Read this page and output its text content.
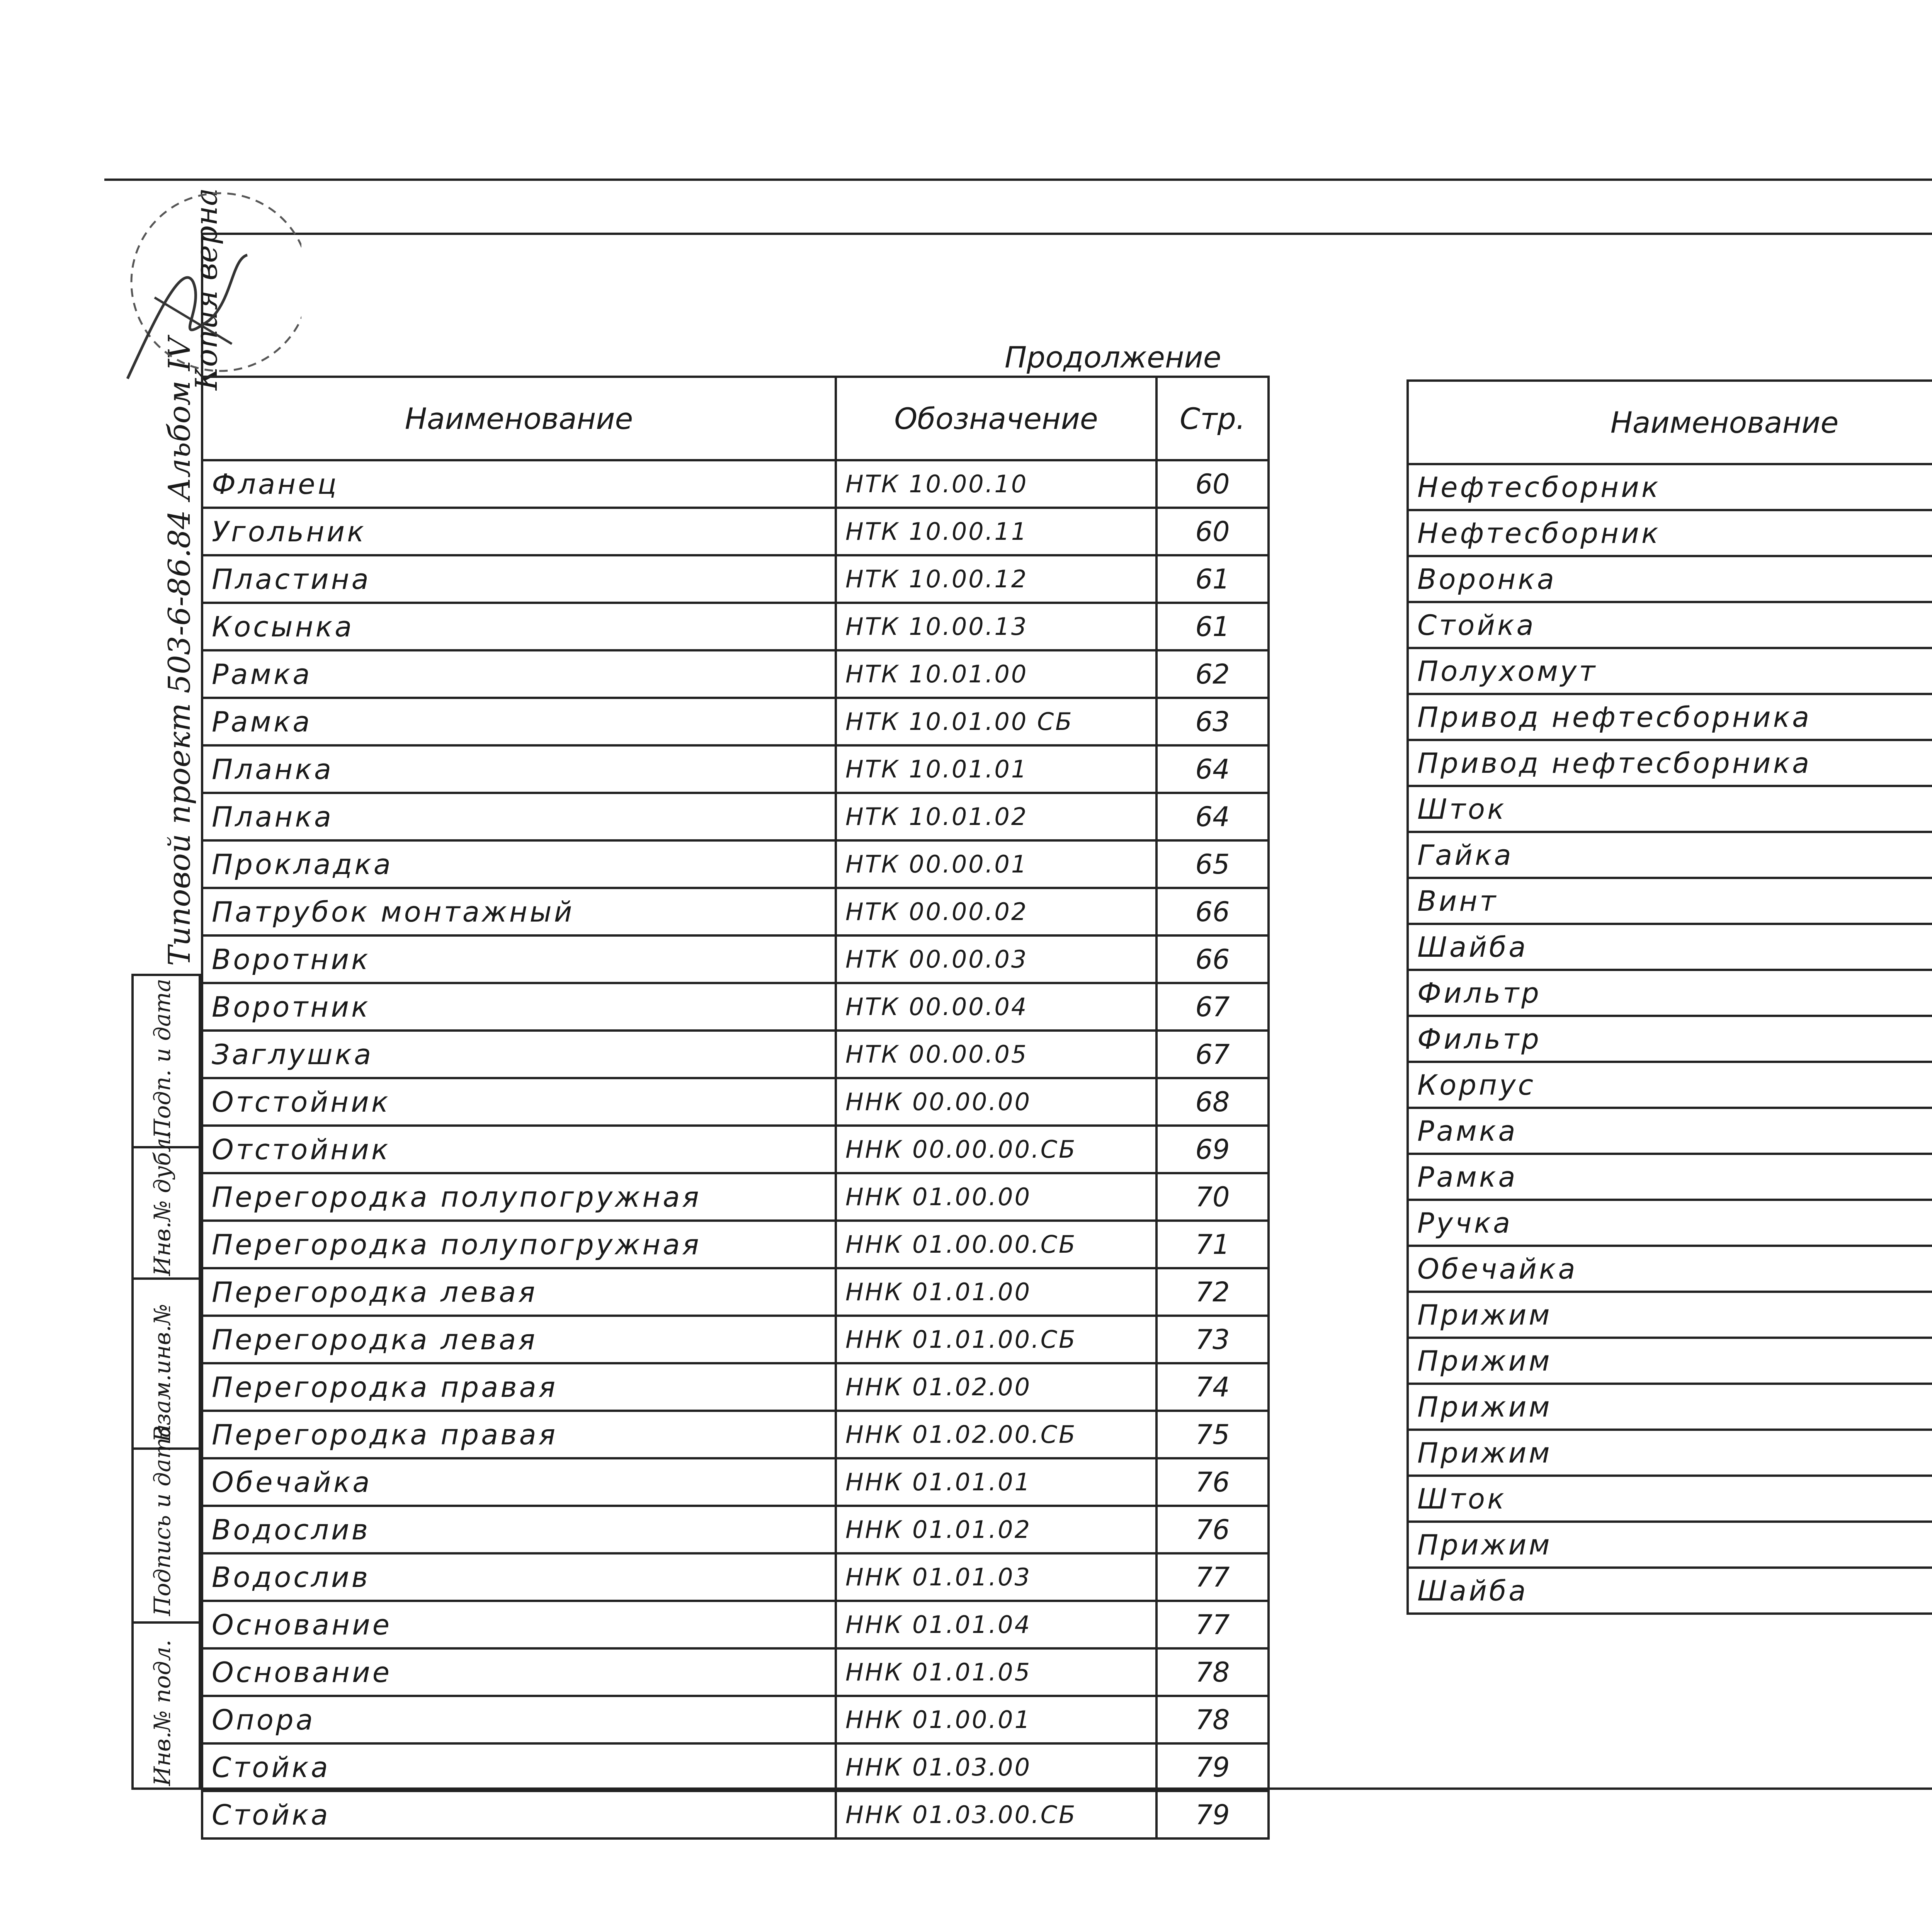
Типовой проект 503-6-86.84 Альбом IV
Копия верна
Инв.№ подл.
Подпись и дата
Взам.инв.№
Инв.№ дубл.
Подп. и дата
Продолжение
Наименование	Обозначение	Стр.
Фланец	НТК 10.00.10	60
Угольник	НТК 10.00.11	60
Пластина	НТК 10.00.12	61
Косынка	НТК 10.00.13	61
Рамка	НТК 10.01.00	62
Рамка	НТК 10.01.00 СБ	63
Планка	НТК 10.01.01	64
Планка	НТК 10.01.02	64
Прокладка	НТК 00.00.01	65
Патрубок монтажный	НТК 00.00.02	66
Воротник	НТК 00.00.03	66
Воротник	НТК 00.00.04	67
Заглушка	НТК 00.00.05	67
Отстойник	ННК 00.00.00	68
Отстойник	ННК 00.00.00.СБ	69
Перегородка полупогружная	ННК 01.00.00	70
Перегородка полупогружная	ННК 01.00.00.СБ	71
Перегородка левая	ННК 01.01.00	72
Перегородка левая	ННК 01.01.00.СБ	73
Перегородка правая	ННК 01.02.00	74
Перегородка правая	ННК 01.02.00.СБ	75
Обечайка	ННК 01.01.01	76
Водослив	ННК 01.01.02	76
Водослив	ННК 01.01.03	77
Основание	ННК 01.01.04	77
Основание	ННК 01.01.05	78
Опора	ННК 01.00.01	78
Стойка	ННК 01.03.00	79
Стойка	ННК 01.03.00.СБ	79
Наименование		
Нефтесборник		
Нефтесборник		
Воронка		
Стойка		
Полухомут		
Привод нефтесборника		
Привод нефтесборника		
Шток		
Гайка		
Винт		
Шайба		
Фильтр		
Фильтр		
Корпус		
Рамка		
Рамка		
Ручка		
Обечайка		
Прижим		
Прижим		
Прижим		
Прижим		
Шток		
Прижим		
Шайба		
